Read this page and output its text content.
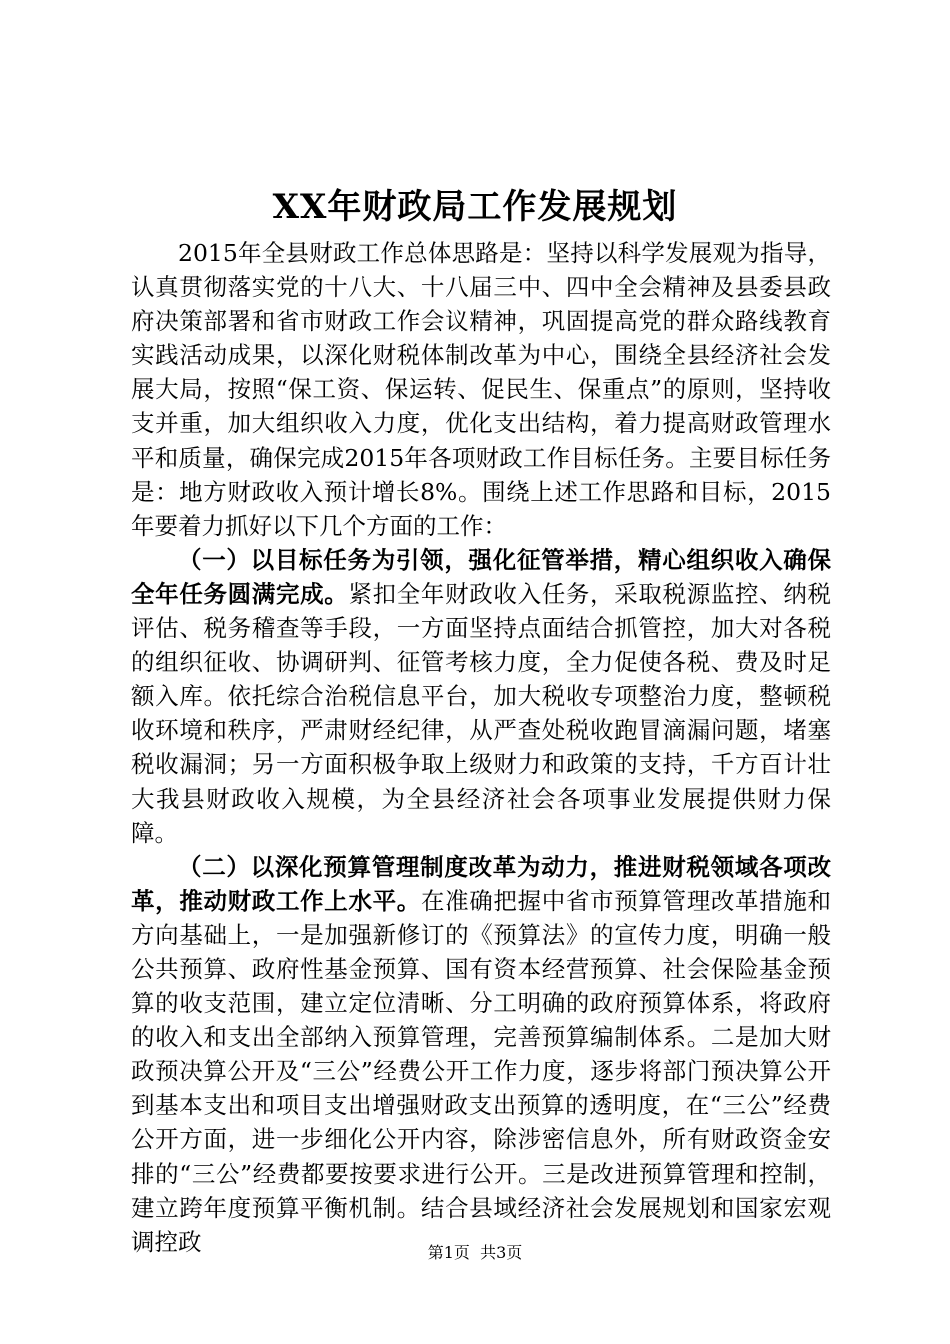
XX年财政局工作发展规划

2015年全县财政工作总体思路是：坚持以科学发展观为指导，认真贯彻落实党的十八大、十八届三中、四中全会精神及县委县政府决策部署和省市财政工作会议精神，巩固提高党的群众路线教育实践活动成果，以深化财税体制改革为中心，围绕全县经济社会发展大局，按照“保工资、保运转、促民生、保重点”的原则，坚持收支并重，加大组织收入力度，优化支出结构，着力提高财政管理水平和质量，确保完成2015年各项财政工作目标任务。主要目标任务是：地方财政收入预计增长8%。围绕上述工作思路和目标，2015年要着力抓好以下几个方面的工作：

（一）以目标任务为引领，强化征管举措，精心组织收入确保全年任务圆满完成。紧扣全年财政收入任务，采取税源监控、纳税评估、税务稽查等手段，一方面坚持点面结合抓管控，加大对各税的组织征收、协调研判、征管考核力度，全力促使各税、费及时足额入库。依托综合治税信息平台，加大税收专项整治力度，整顿税收环境和秩序，严肃财经纪律，从严查处税收跑冒滴漏问题，堵塞税收漏洞；另一方面积极争取上级财力和政策的支持，千方百计壮大我县财政收入规模，为全县经济社会各项事业发展提供财力保障。

（二）以深化预算管理制度改革为动力，推进财税领域各项改革，推动财政工作上水平。在准确把握中省市预算管理改革措施和方向基础上，一是加强新修订的《预算法》的宣传力度，明确一般公共预算、政府性基金预算、国有资本经营预算、社会保险基金预算的收支范围，建立定位清晰、分工明确的政府预算体系，将政府的收入和支出全部纳入预算管理，完善预算编制体系。二是加大财政预决算公开及“三公”经费公开工作力度，逐步将部门预决算公开到基本支出和项目支出增强财政支出预算的透明度，在“三公”经费公开方面，进一步细化公开内容，除涉密信息外，所有财政资金安排的“三公”经费都要按要求进行公开。三是改进预算管理和控制，建立跨年度预算平衡机制。结合县域经济社会发展规划和国家宏观调控政	第1页 共3页
